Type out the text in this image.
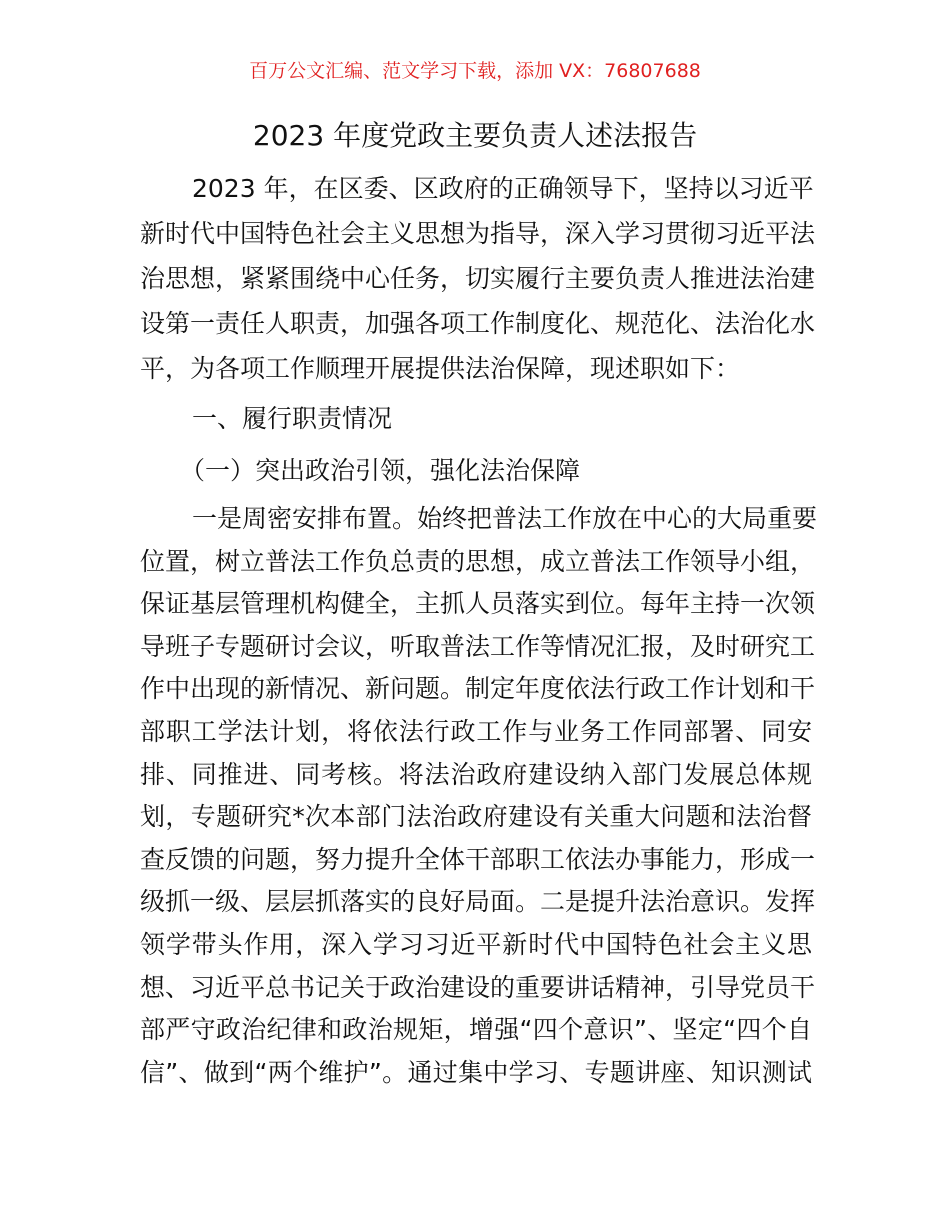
百万公文汇编、范文学习下载，添加 VX：76807688
2023 年度党政主要负责人述法报告
2023 年，在区委、区政府的正确领导下，坚持以习近平
新时代中国特色社会主义思想为指导，深入学习贯彻习近平法
治思想，紧紧围绕中心任务，切实履行主要负责人推进法治建
设第一责任人职责，加强各项工作制度化、规范化、法治化水
平，为各项工作顺理开展提供法治保障，现述职如下：
一、履行职责情况
（一）突出政治引领，强化法治保障
一是周密安排布置。始终把普法工作放在中心的大局重要
位置，树立普法工作负总责的思想，成立普法工作领导小组，
保证基层管理机构健全，主抓人员落实到位。每年主持一次领
导班子专题研讨会议，听取普法工作等情况汇报，及时研究工
作中出现的新情况、新问题。制定年度依法行政工作计划和干
部职工学法计划，将依法行政工作与业务工作同部署、同安
排、同推进、同考核。将法治政府建设纳入部门发展总体规
划，专题研究*次本部门法治政府建设有关重大问题和法治督
查反馈的问题，努力提升全体干部职工依法办事能力，形成一
级抓一级、层层抓落实的良好局面。二是提升法治意识。发挥
领学带头作用，深入学习习近平新时代中国特色社会主义思
想、习近平总书记关于政治建设的重要讲话精神，引导党员干
部严守政治纪律和政治规矩，增强“四个意识”、坚定“四个自
信”、做到“两个维护”。通过集中学习、专题讲座、知识测试
